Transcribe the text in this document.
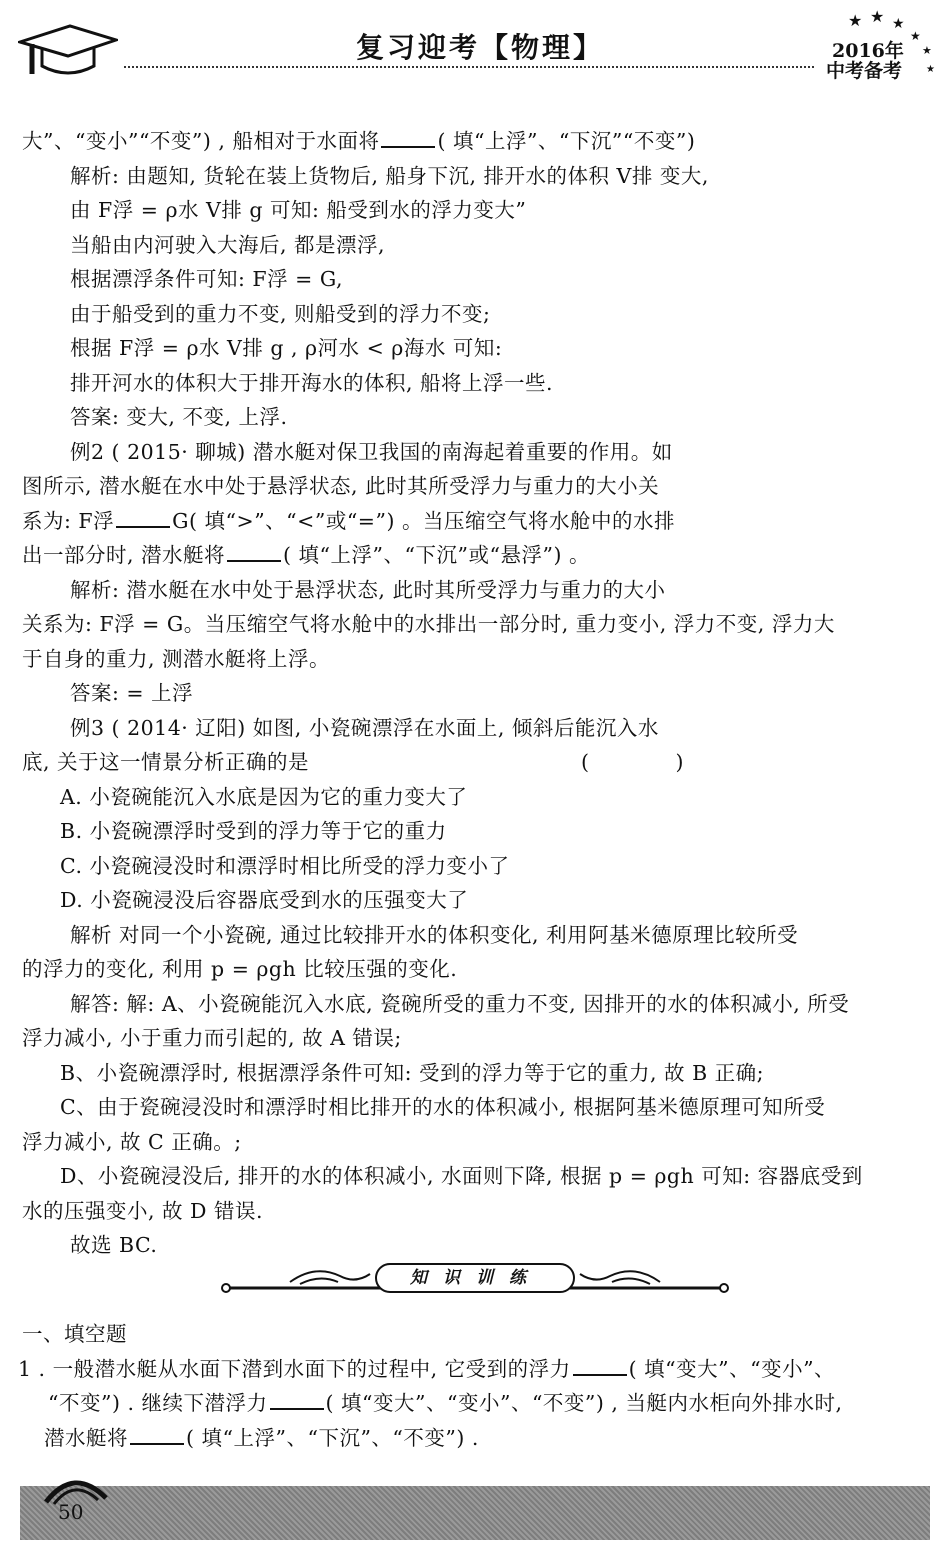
复习迎考【物理】
★ ★ ★
★
★
★
2016年
中考备考
大”、“变小”“不变”) , 船相对于水面将	( 填“上浮”、“下沉”“不变”)
解析: 由题知, 货轮在装上货物后, 船身下沉, 排开水的体积 V排 变大,
由 F浮 = ρ水 V排 g 可知: 船受到水的浮力变大”
当船由内河驶入大海后, 都是漂浮,
根据漂浮条件可知: F浮 = G,
由于船受到的重力不变, 则船受到的浮力不变;
根据 F浮 = ρ水 V排 g , ρ河水 < ρ海水 可知:
排开河水的体积大于排开海水的体积, 船将上浮一些.
答案: 变大, 不变, 上浮.
例2 ( 2015· 聊城) 潜水艇对保卫我国的南海起着重要的作用。如
图所示, 潜水艇在水中处于悬浮状态, 此时其所受浮力与重力的大小关
系为: F浮	G( 填“>”、“<”或“=”) 。当压缩空气将水舱中的水排
出一部分时, 潜水艇将	( 填“上浮”、“下沉”或“悬浮”) 。
解析: 潜水艇在水中处于悬浮状态, 此时其所受浮力与重力的大小
关系为: F浮 = G。当压缩空气将水舱中的水排出一部分时, 重力变小, 浮力不变, 浮力大
于自身的重力, 测潜水艇将上浮。
答案: = 上浮
例3 ( 2014· 辽阳) 如图, 小瓷碗漂浮在水面上, 倾斜后能沉入水
底, 关于这一情景分析正确的是	( )
A. 小瓷碗能沉入水底是因为它的重力变大了
B. 小瓷碗漂浮时受到的浮力等于它的重力
C. 小瓷碗浸没时和漂浮时相比所受的浮力变小了
D. 小瓷碗浸没后容器底受到水的压强变大了
解析 对同一个小瓷碗, 通过比较排开水的体积变化, 利用阿基米德原理比较所受
的浮力的变化, 利用 p = ρgh 比较压强的变化.
解答: 解: A、小瓷碗能沉入水底, 瓷碗所受的重力不变, 因排开的水的体积减小, 所受
浮力减小, 小于重力而引起的, 故 A 错误;
B、小瓷碗漂浮时, 根据漂浮条件可知: 受到的浮力等于它的重力, 故 B 正确;
C、由于瓷碗浸没时和漂浮时相比排开的水的体积减小, 根据阿基米德原理可知所受
浮力减小, 故 C 正确。;
D、小瓷碗浸没后, 排开的水的体积减小, 水面则下降, 根据 p = ρgh 可知: 容器底受到
水的压强变小, 故 D 错误.
故选 BC.
知识训练
一、填空题
1 . 一般潜水艇从水面下潜到水面下的过程中, 它受到的浮力	( 填“变大”、“变小”、
“不变”) . 继续下潜浮力	( 填“变大”、“变小”、“不变”) , 当艇内水柜向外排水时,
潜水艇将	( 填“上浮”、“下沉”、“不变”) .
50
